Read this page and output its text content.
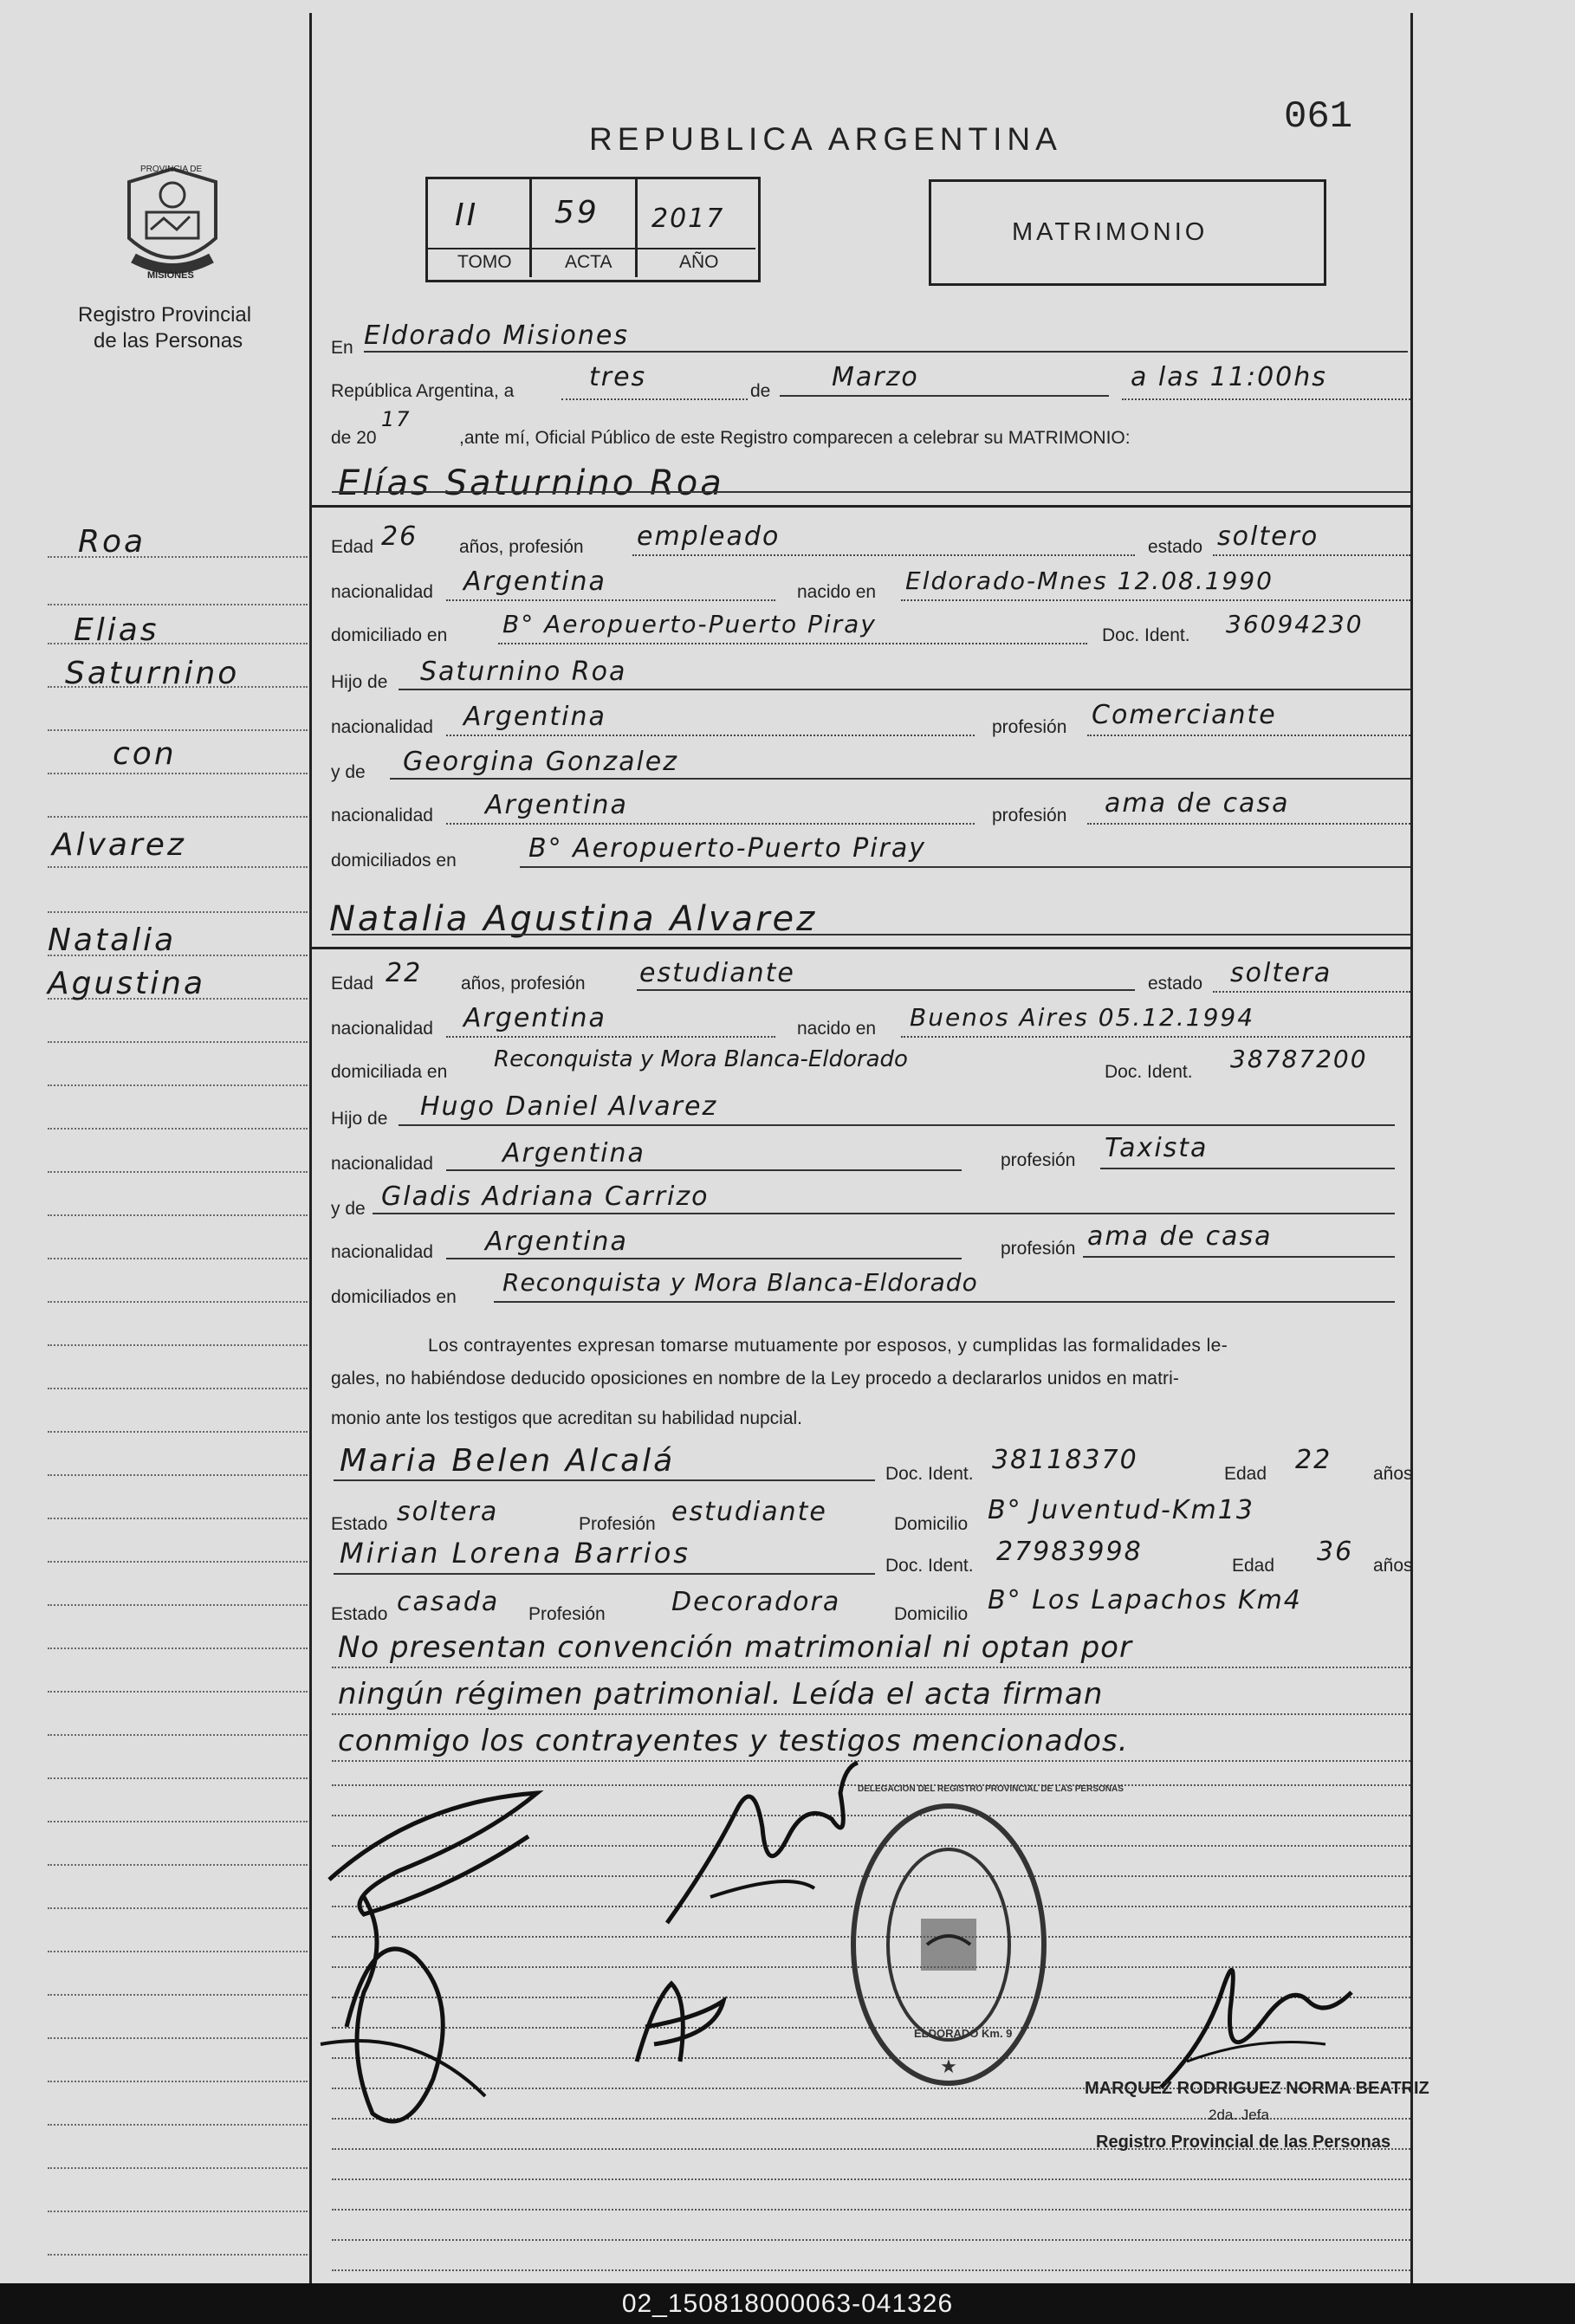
PROVINCIA DE
MISIONES
Registro Provincial
de las Personas
Roa
Elias
Saturnino
con
Alvarez
Natalia
Agustina
REPUBLICA ARGENTINA
061
II 59 2017
TOMO	ACTA	AÑO
MATRIMONIO
En Eldorado Misiones
República Argentina, a	tres	de Marzo	a las 11:00hs
de 20
17
,ante mí, Oficial Público de este Registro comparecen a celebrar su MATRIMONIO:
Elías Saturnino Roa
Edad 26 años, profesión empleado	estado soltero
nacionalidad Argentina	nacido en Eldorado-Mnes 12.08.1990
domiciliado en B° Aeropuerto-Puerto Piray	Doc. Ident. 36094230
Hijo de Saturnino Roa
nacionalidad Argentina	profesión Comerciante
y de Georgina Gonzalez
nacionalidad Argentina	profesión ama de casa
domiciliados en	B° Aeropuerto-Puerto Piray
Natalia Agustina Alvarez
Edad 22 años, profesión estudiante	estado soltera
nacionalidad Argentina	nacido en Buenos Aires 05.12.1994
domiciliada en Reconquista y Mora Blanca-Eldorado	Doc. Ident. 38787200
Hijo de Hugo Daniel Alvarez
nacionalidad	Argentina	profesión Taxista
y de Gladis Adriana Carrizo
nacionalidad Argentina	profesión ama de casa
domiciliados en
Reconquista y Mora Blanca-Eldorado
Los contrayentes expresan tomarse mutuamente por esposos, y cumplidas las formalidades le-
gales, no habiéndose deducido oposiciones en nombre de la Ley procedo a declararlos unidos en matri-
monio ante los testigos que acreditan su habilidad nupcial.
Maria Belen Alcalá	Doc. Ident. 38118370	Edad 22 años
Estado soltera	Profesión estudiante	Domicilio B° Juventud-Km13
Mirian Lorena Barrios	Doc. Ident. 27983998	Edad 36 años
Estado casada Profesión	Decoradora	Domicilio B° Los Lapachos Km4
No presentan convención matrimonial ni optan por
ningún régimen patrimonial. Leída el acta firman
conmigo los contrayentes y testigos mencionados.
★
DELEGACION DEL REGISTRO PROVINCIAL DE LAS PERSONAS
ELDORADO Km. 9
MARQUEZ RODRIGUEZ NORMA BEATRIZ
2da. Jefa
Registro Provincial de las Personas
02_150818000063-041326
